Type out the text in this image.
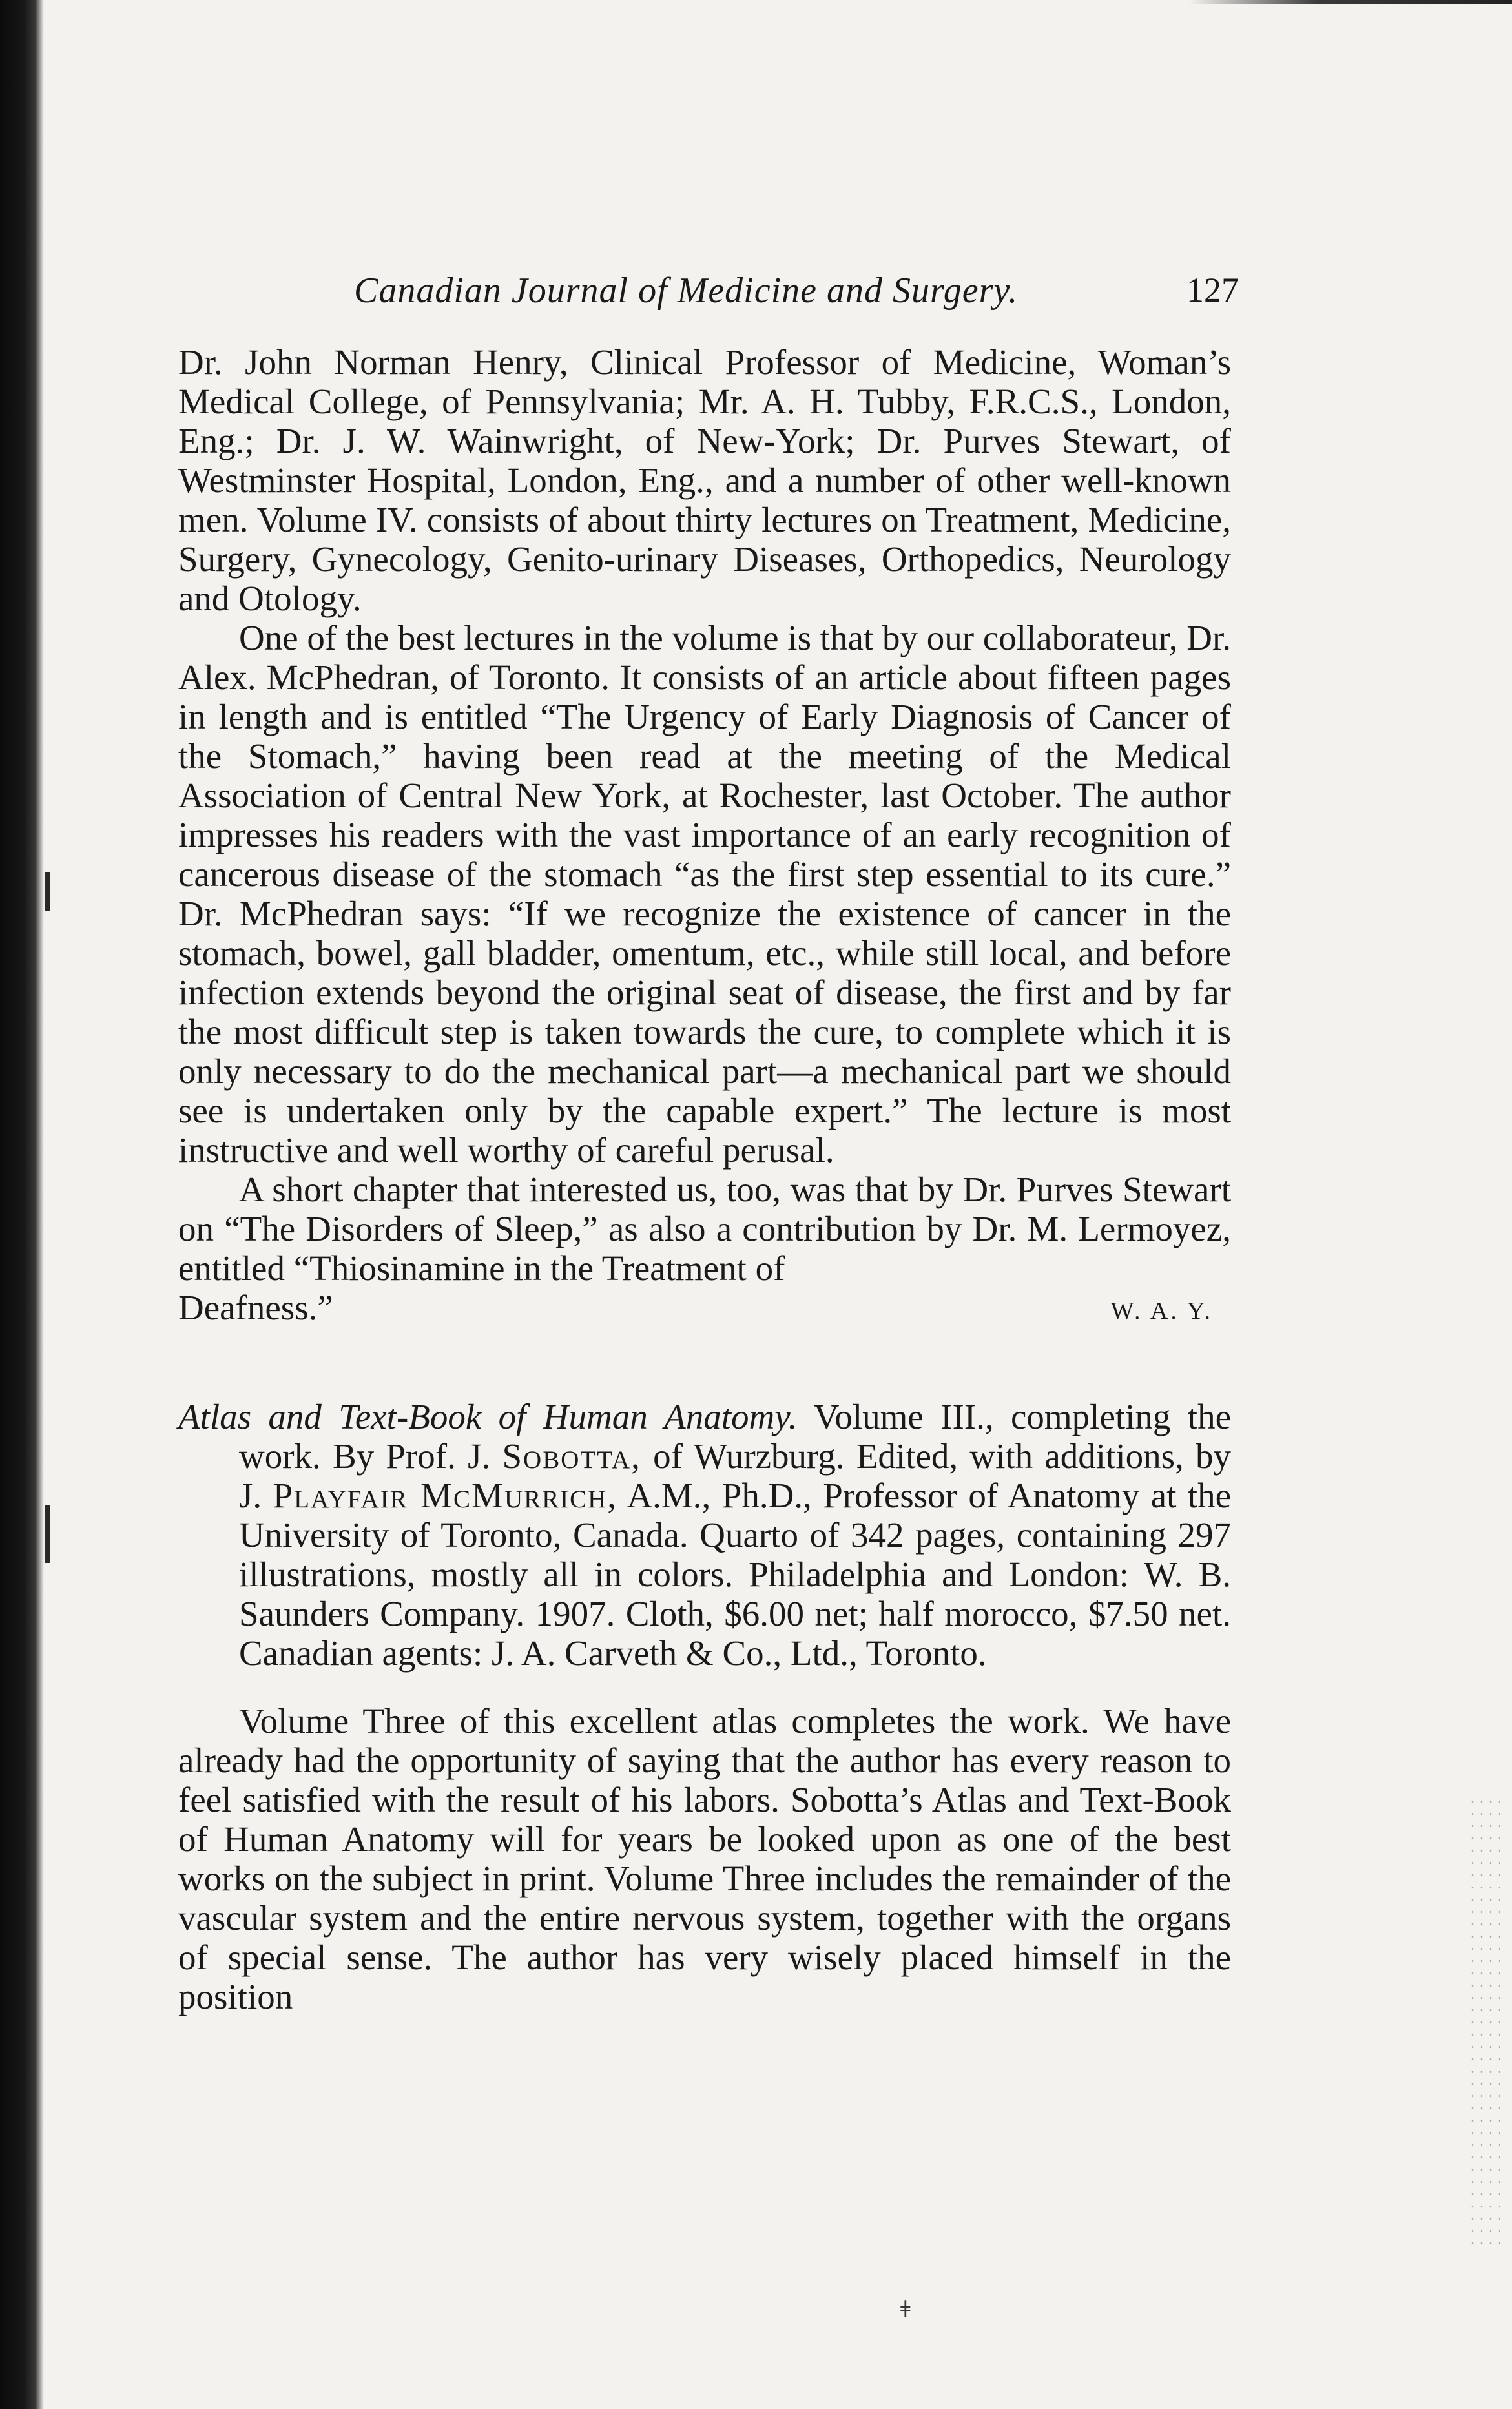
Canadian Journal of Medicine and Surgery.	127

Dr. John Norman Henry, Clinical Professor of Medicine, Woman’s Medical College, of Pennsylvania; Mr. A. H. Tubby, F.R.C.S., London, Eng.; Dr. J. W. Wainwright, of New-York; Dr. Purves Stewart, of Westminster Hospital, London, Eng., and a number of other well-known men. Volume IV. consists of about thirty lectures on Treatment, Medicine, Surgery, Gynecology, Genito-urinary Diseases, Orthopedics, Neurology and Otology.

One of the best lectures in the volume is that by our collaborateur, Dr. Alex. McPhedran, of Toronto. It consists of an article about fifteen pages in length and is entitled “The Urgency of Early Diagnosis of Cancer of the Stomach,” having been read at the meeting of the Medical Association of Central New York, at Rochester, last October. The author impresses his readers with the vast importance of an early recognition of cancerous disease of the stomach “as the first step essential to its cure.” Dr. McPhedran says: “If we recognize the existence of cancer in the stomach, bowel, gall bladder, omentum, etc., while still local, and before infection extends beyond the original seat of disease, the first and by far the most difficult step is taken towards the cure, to complete which it is only necessary to do the mechanical part—a mechanical part we should see is undertaken only by the capable expert.” The lecture is most instructive and well worthy of careful perusal.

A short chapter that interested us, too, was that by Dr. Purves Stewart on “The Disorders of Sleep,” as also a contribution by Dr. M. Lermoyez, entitled “Thiosinamine in the Treatment of

Deafness.”	W. A. Y.

Atlas and Text-Book of Human Anatomy. Volume III., completing the work. By Prof. J. Sobotta, of Wurzburg. Edited, with additions, by J. Playfair McMurrich, A.M., Ph.D., Professor of Anatomy at the University of Toronto, Canada. Quarto of 342 pages, containing 297 illustrations, mostly all in colors. Philadelphia and London: W. B. Saunders Company. 1907. Cloth, $6.00 net; half morocco, $7.50 net. Canadian agents: J. A. Carveth & Co., Ltd., Toronto.

Volume Three of this excellent atlas completes the work. We have already had the opportunity of saying that the author has every reason to feel satisfied with the result of his labors. Sobotta’s Atlas and Text-Book of Human Anatomy will for years be looked upon as one of the best works on the subject in print. Volume Three includes the remainder of the vascular system and the entire nervous system, together with the organs of special sense. The author has very wisely placed himself in the position

ǂ
